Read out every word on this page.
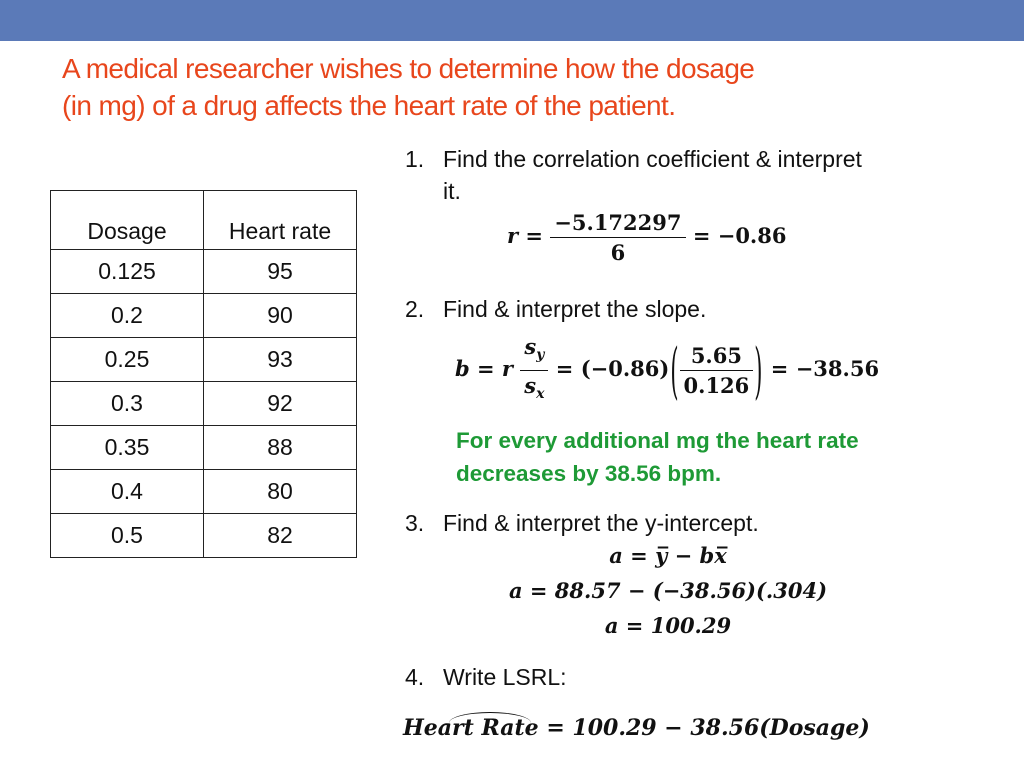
A medical researcher wishes to determine how the dosage
(in mg) of a drug affects the heart rate of the patient.
Dosage	Heart rate
0.125	95
0.2	90
0.25	93
0.3	92
0.35	88
0.4	80
0.5	82
1. Find the correlation coefficient & interpret
it.
$r = \frac{-5.172297}{6} = -0.86$
2. Find & interpret the slope.
b = r $\frac{s_y}{s_x} = (-0.86)( \frac{5.65}{0.126}$ ) = −38.56
For every additional mg the heart rate
decreases by 38.56 bpm.
3. Find & interpret the y-intercept.
a = y̅ − bx̅
a = 88.57 − (−38.56)(.304)
a = 100.29
4. Write LSRL:
Heart Rate = 100.29 − 38.56(Dosage)
